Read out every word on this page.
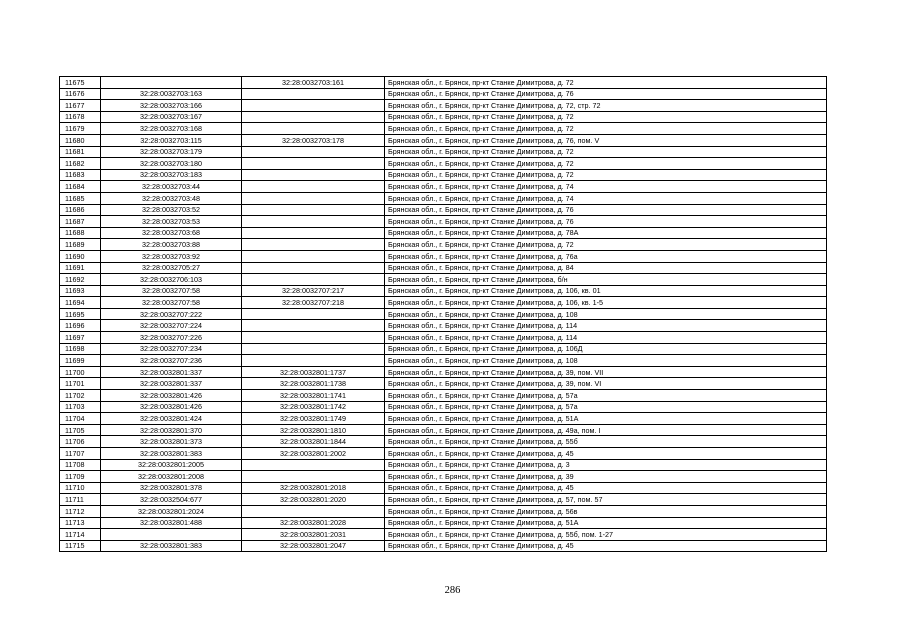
11675		32:28:0032703:161	Брянская обл., г. Брянск, пр-кт Станке Димитрова, д. 72
11676	32:28:0032703:163		Брянская обл., г. Брянск, пр-кт Станке Димитрова, д. 76
11677	32:28:0032703:166		Брянская обл., г. Брянск, пр-кт Станке Димитрова, д. 72, стр. 72
11678	32:28:0032703:167		Брянская обл., г. Брянск, пр-кт Станке Димитрова, д. 72
11679	32:28:0032703:168		Брянская обл., г. Брянск, пр-кт Станке Димитрова, д. 72
11680	32:28:0032703:115	32:28:0032703:178	Брянская обл., г. Брянск, пр-кт Станке Димитрова, д. 76, пом. V
11681	32:28:0032703:179		Брянская обл., г. Брянск, пр-кт Станке Димитрова, д. 72
11682	32:28:0032703:180		Брянская обл., г. Брянск, пр-кт Станке Димитрова, д. 72
11683	32:28:0032703:183		Брянская обл., г. Брянск, пр-кт Станке Димитрова, д. 72
11684	32:28:0032703:44		Брянская обл., г. Брянск, пр-кт Станке Димитрова, д. 74
11685	32:28:0032703:48		Брянская обл., г. Брянск, пр-кт Станке Димитрова, д. 74
11686	32:28:0032703:52		Брянская обл., г. Брянск, пр-кт Станке Димитрова, д. 76
11687	32:28:0032703:53		Брянская обл., г. Брянск, пр-кт Станке Димитрова, д. 76
11688	32:28:0032703:68		Брянская обл., г. Брянск, пр-кт Станке Димитрова, д. 78А
11689	32:28:0032703:88		Брянская обл., г. Брянск, пр-кт Станке Димитрова, д. 72
11690	32:28:0032703:92		Брянская обл., г. Брянск, пр-кт Станке Димитрова, д. 76а
11691	32:28:0032705:27		Брянская обл., г. Брянск, пр-кт Станке Димитрова, д. 84
11692	32:28:0032706:103		Брянская обл., г. Брянск, пр-кт Станке Димитрова, б/н
11693	32:28:0032707:58	32:28:0032707:217	Брянская обл., г. Брянск, пр-кт Станке Димитрова, д. 106, кв. 01
11694	32:28:0032707:58	32:28:0032707:218	Брянская обл., г. Брянск, пр-кт Станке Димитрова, д. 106, кв. 1-5
11695	32:28:0032707:222		Брянская обл., г. Брянск, пр-кт Станке Димитрова, д. 108
11696	32:28:0032707:224		Брянская обл., г. Брянск, пр-кт Станке Димитрова, д. 114
11697	32:28:0032707:226		Брянская обл., г. Брянск, пр-кт Станке Димитрова, д. 114
11698	32:28:0032707:234		Брянская обл., г. Брянск, пр-кт Станке Димитрова, д. 106Д
11699	32:28:0032707:236		Брянская обл., г. Брянск, пр-кт Станке Димитрова, д. 108
11700	32:28:0032801:337	32:28:0032801:1737	Брянская обл., г. Брянск, пр-кт Станке Димитрова, д. 39, пом. VII
11701	32:28:0032801:337	32:28:0032801:1738	Брянская обл., г. Брянск, пр-кт Станке Димитрова, д. 39, пом. VI
11702	32:28:0032801:426	32:28:0032801:1741	Брянская обл., г. Брянск, пр-кт Станке Димитрова, д. 57а
11703	32:28:0032801:426	32:28:0032801:1742	Брянская обл., г. Брянск, пр-кт Станке Димитрова, д. 57а
11704	32:28:0032801:424	32:28:0032801:1749	Брянская обл., г. Брянск, пр-кт Станке Димитрова, д. 51А
11705	32:28:0032801:370	32:28:0032801:1810	Брянская обл., г. Брянск, пр-кт Станке Димитрова, д. 49а, пом. I
11706	32:28:0032801:373	32:28:0032801:1844	Брянская обл., г. Брянск, пр-кт Станке Димитрова, д. 55б
11707	32:28:0032801:383	32:28:0032801:2002	Брянская обл., г. Брянск, пр-кт Станке Димитрова, д. 45
11708	32:28:0032801:2005		Брянская обл., г. Брянск, пр-кт Станке Димитрова, д. 3
11709	32:28:0032801:2008		Брянская обл., г. Брянск, пр-кт Станке Димитрова, д. 39
11710	32:28:0032801:378	32:28:0032801:2018	Брянская обл., г. Брянск, пр-кт Станке Димитрова, д. 45
11711	32:28:0032504:677	32:28:0032801:2020	Брянская обл., г. Брянск, пр-кт Станке Димитрова, д. 57, пом. 57
11712	32:28:0032801:2024		Брянская обл., г. Брянск, пр-кт Станке Димитрова, д. 56в
11713	32:28:0032801:488	32:28:0032801:2028	Брянская обл., г. Брянск, пр-кт Станке Димитрова, д. 51А
11714		32:28:0032801:2031	Брянская обл., г. Брянск, пр-кт Станке Димитрова, д. 55б, пом. 1-27
11715	32:28:0032801:383	32:28:0032801:2047	Брянская обл., г. Брянск, пр-кт Станке Димитрова, д. 45
286
